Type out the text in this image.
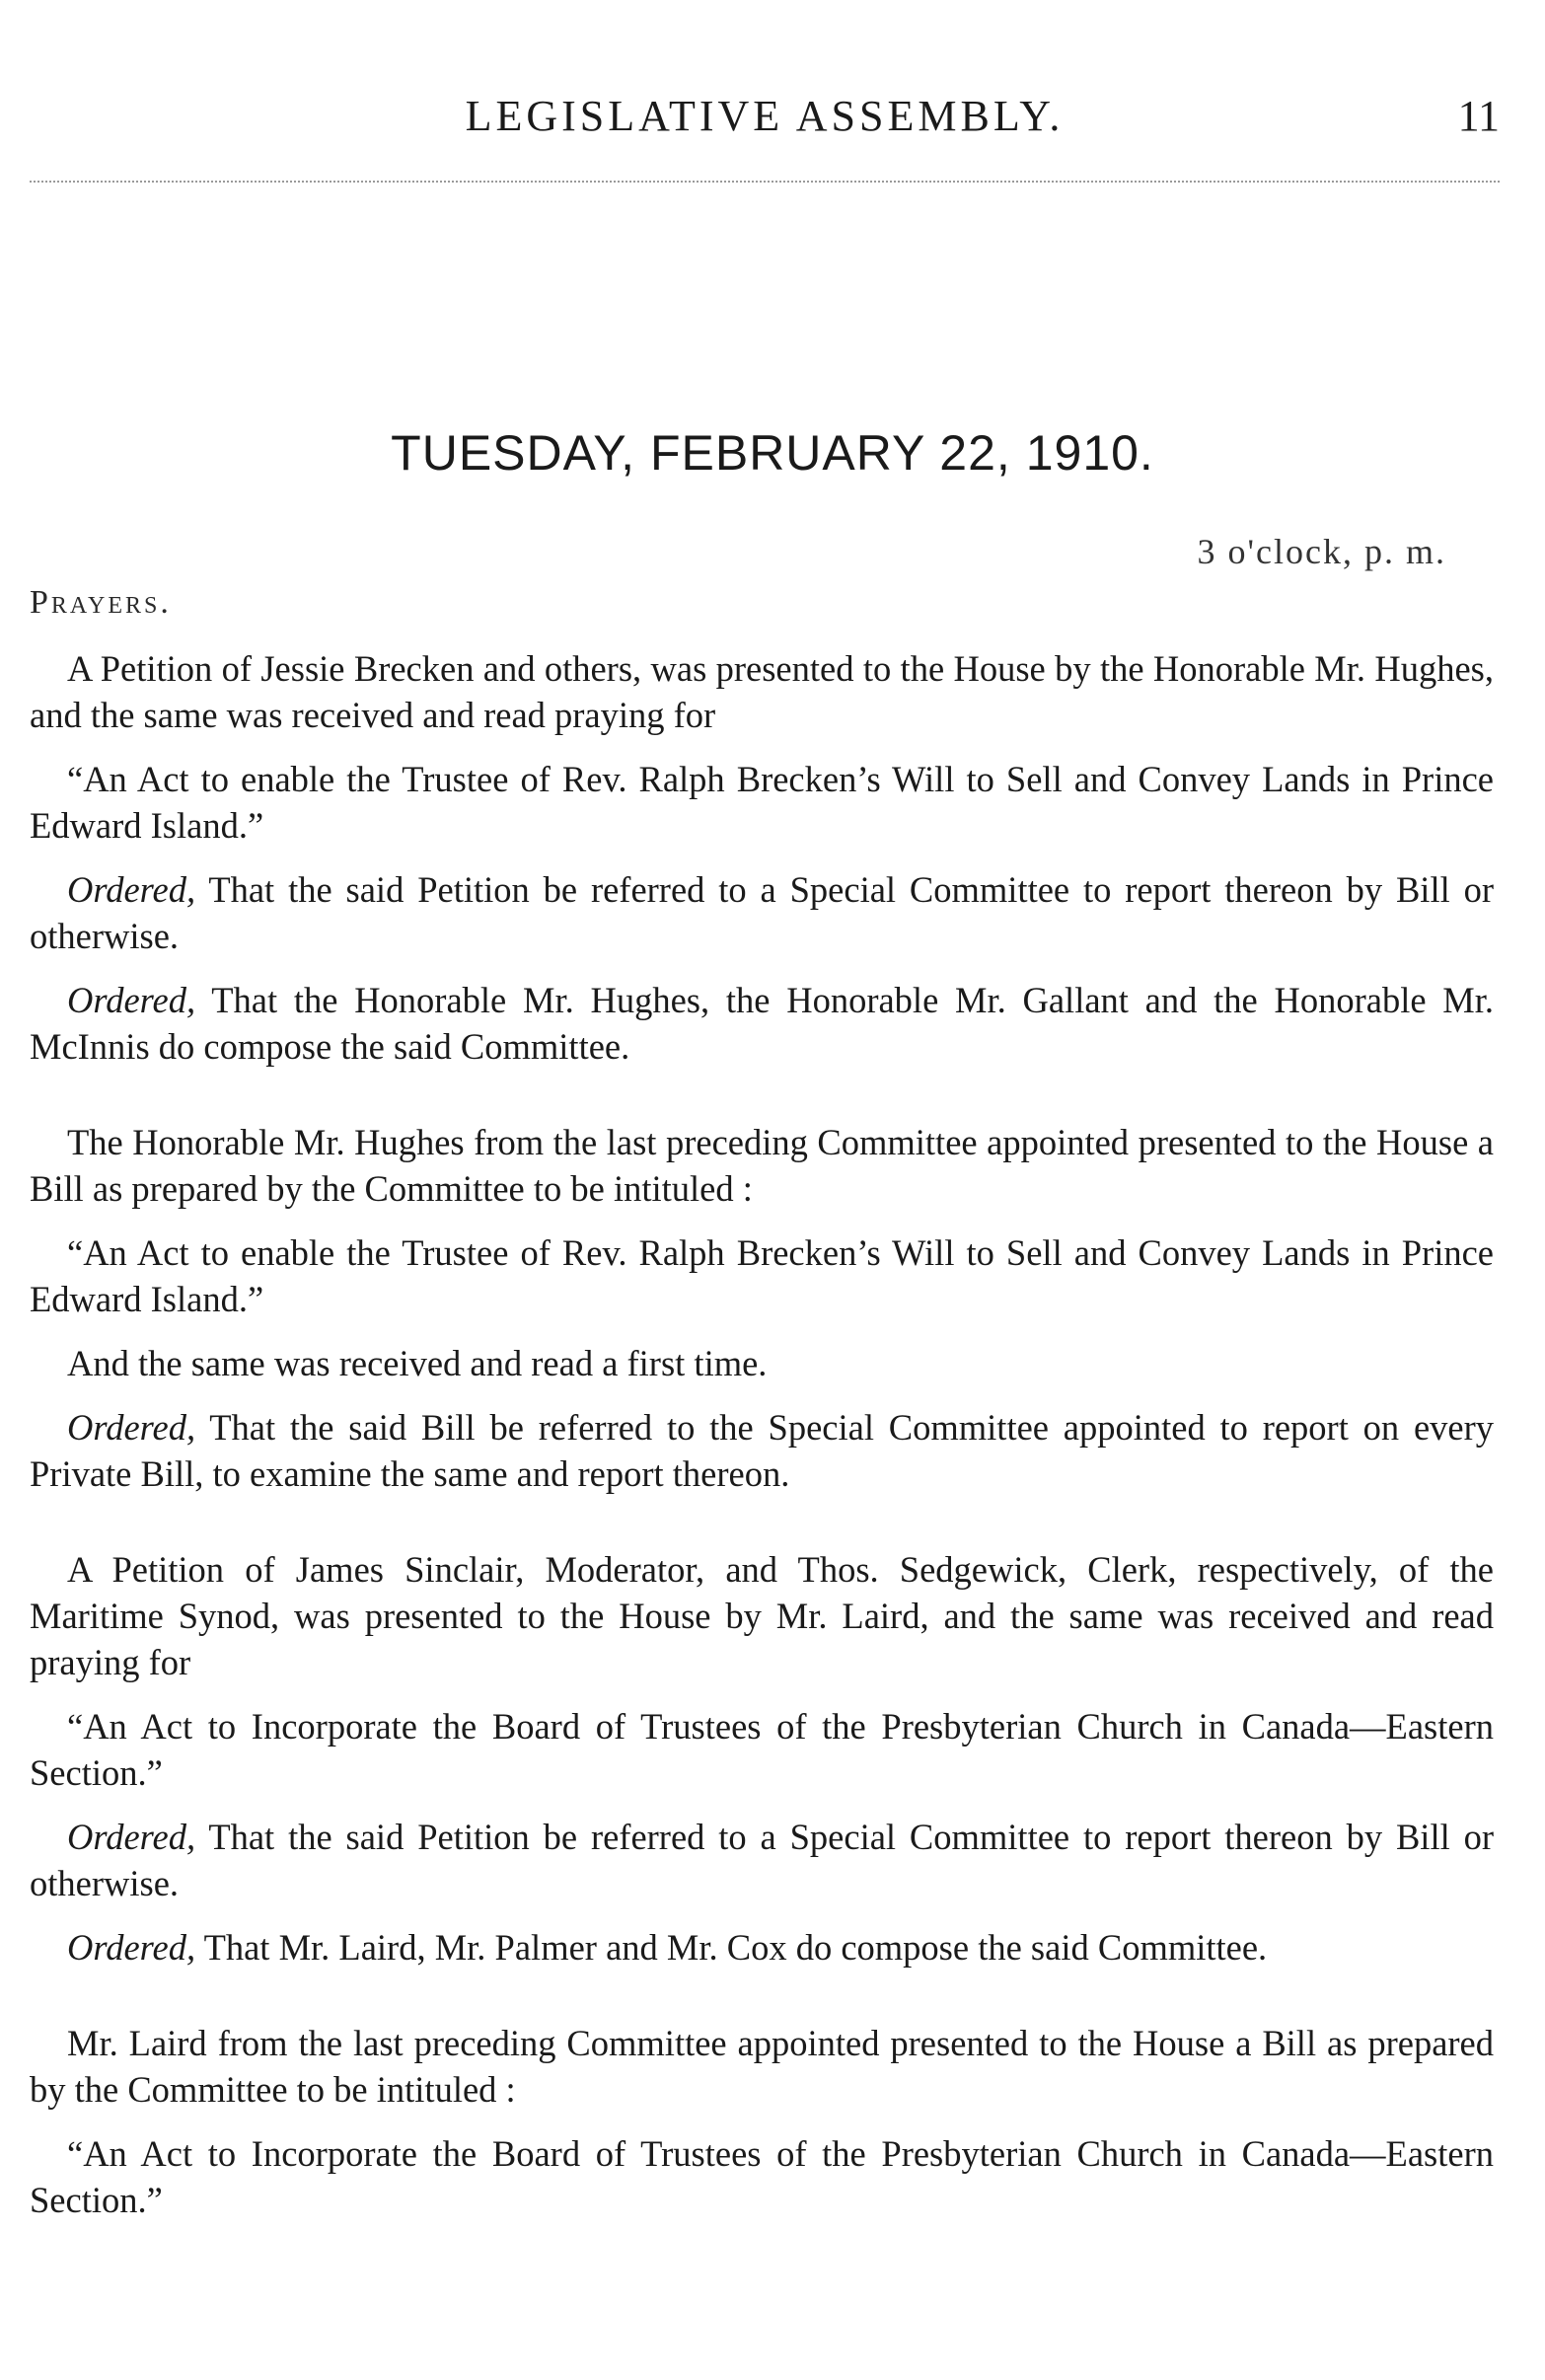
LEGISLATIVE ASSEMBLY.	11
TUESDAY, FEBRUARY 22, 1910.
3 o'clock, p. m.
Prayers.

A Petition of Jessie Brecken and others, was presented to the House by the Honorable Mr. Hughes, and the same was received and read praying for

“An Act to enable the Trustee of Rev. Ralph Brecken’s Will to Sell and Convey Lands in Prince Edward Island.”

Ordered, That the said Petition be referred to a Special Committee to report thereon by Bill or otherwise.

Ordered, That the Honorable Mr. Hughes, the Honorable Mr. Gallant and the Honorable Mr. McInnis do compose the said Committee.

The Honorable Mr. Hughes from the last preceding Committee appointed presented to the House a Bill as prepared by the Committee to be intituled :

“An Act to enable the Trustee of Rev. Ralph Brecken’s Will to Sell and Convey Lands in Prince Edward Island.”

And the same was received and read a first time.

Ordered, That the said Bill be referred to the Special Committee appointed to report on every Private Bill, to examine the same and report thereon.

A Petition of James Sinclair, Moderator, and Thos. Sedgewick, Clerk, respectively, of the Maritime Synod, was presented to the House by Mr. Laird, and the same was received and read praying for

“An Act to Incorporate the Board of Trustees of the Presbyterian Church in Canada—Eastern Section.”

Ordered, That the said Petition be referred to a Special Committee to report thereon by Bill or otherwise.

Ordered, That Mr. Laird, Mr. Palmer and Mr. Cox do compose the said Committee.

Mr. Laird from the last preceding Committee appointed presented to the House a Bill as prepared by the Committee to be intituled :

“An Act to Incorporate the Board of Trustees of the Presbyterian Church in Canada—Eastern Section.”
